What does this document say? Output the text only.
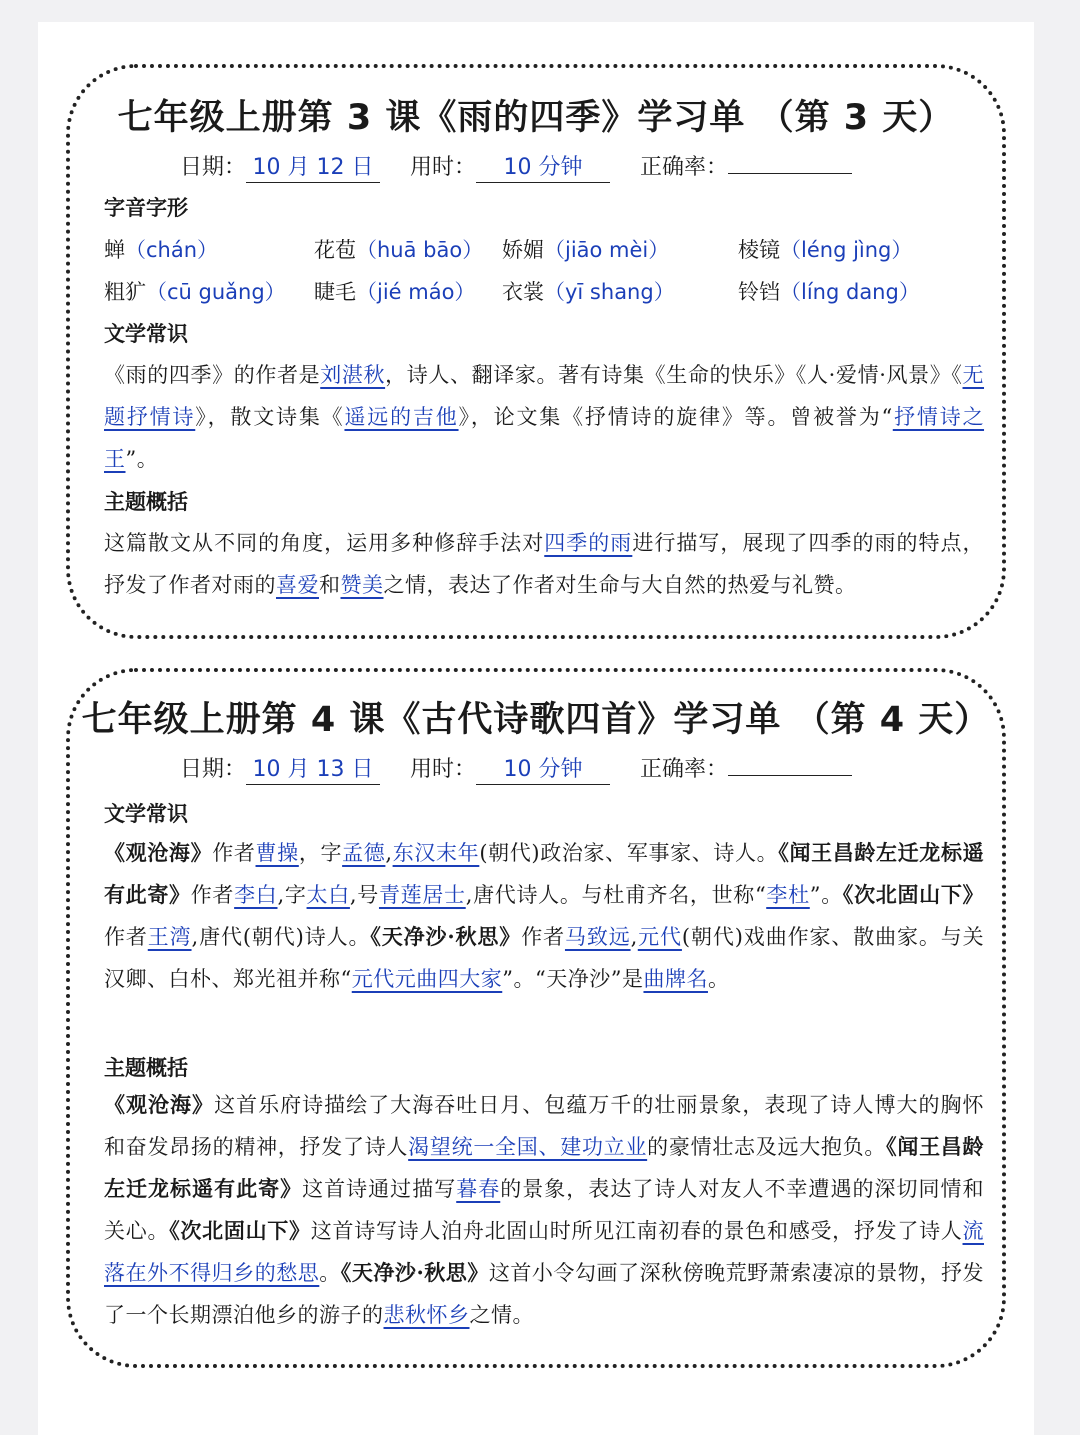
七年级上册第 3 课《雨的四季》学习单 （第 3 天）
日期： 10 月 12 日 用时： 10 分钟	正确率：
字音字形
蝉（chán）	花苞（huā bāo） 娇媚（jiāo mèi）	棱镜（léng jìng）
粗犷（cū guǎng） 睫毛（jié máo） 衣裳（yī shang）	铃铛（líng dang）
文学常识
《雨的四季》的作者是刘湛秋，诗人、翻译家。著有诗集《生命的快乐》《人·爱情·风景》《无题抒情诗》，散文诗集《遥远的吉他》，论文集《抒情诗的旋律》等。曾被誉为“抒情诗之王”。
主题概括
这篇散文从不同的角度，运用多种修辞手法对四季的雨进行描写，展现了四季的雨的特点，抒发了作者对雨的喜爱和赞美之情，表达了作者对生命与大自然的热爱与礼赞。
七年级上册第 4 课《古代诗歌四首》学习单 （第 4 天）
日期： 10 月 13 日 用时： 10 分钟	正确率：
文学常识
《观沧海》作者曹操，字孟德,东汉末年(朝代)政治家、军事家、诗人。《闻王昌龄左迁龙标遥有此寄》作者李白,字太白,号青莲居士,唐代诗人。与杜甫齐名，世称“李杜”。《次北固山下》作者王湾,唐代(朝代)诗人。《天净沙·秋思》作者马致远,元代(朝代)戏曲作家、散曲家。与关汉卿、白朴、郑光祖并称“元代元曲四大家”。“天净沙”是曲牌名。
主题概括
《观沧海》这首乐府诗描绘了大海吞吐日月、包蕴万千的壮丽景象，表现了诗人博大的胸怀和奋发昂扬的精神，抒发了诗人渴望统一全国、建功立业的豪情壮志及远大抱负。《闻王昌龄左迁龙标遥有此寄》这首诗通过描写暮春的景象，表达了诗人对友人不幸遭遇的深切同情和关心。《次北固山下》这首诗写诗人泊舟北固山时所见江南初春的景色和感受，抒发了诗人流落在外不得归乡的愁思。《天净沙·秋思》这首小令勾画了深秋傍晚荒野萧索凄凉的景物，抒发了一个长期漂泊他乡的游子的悲秋怀乡之情。
